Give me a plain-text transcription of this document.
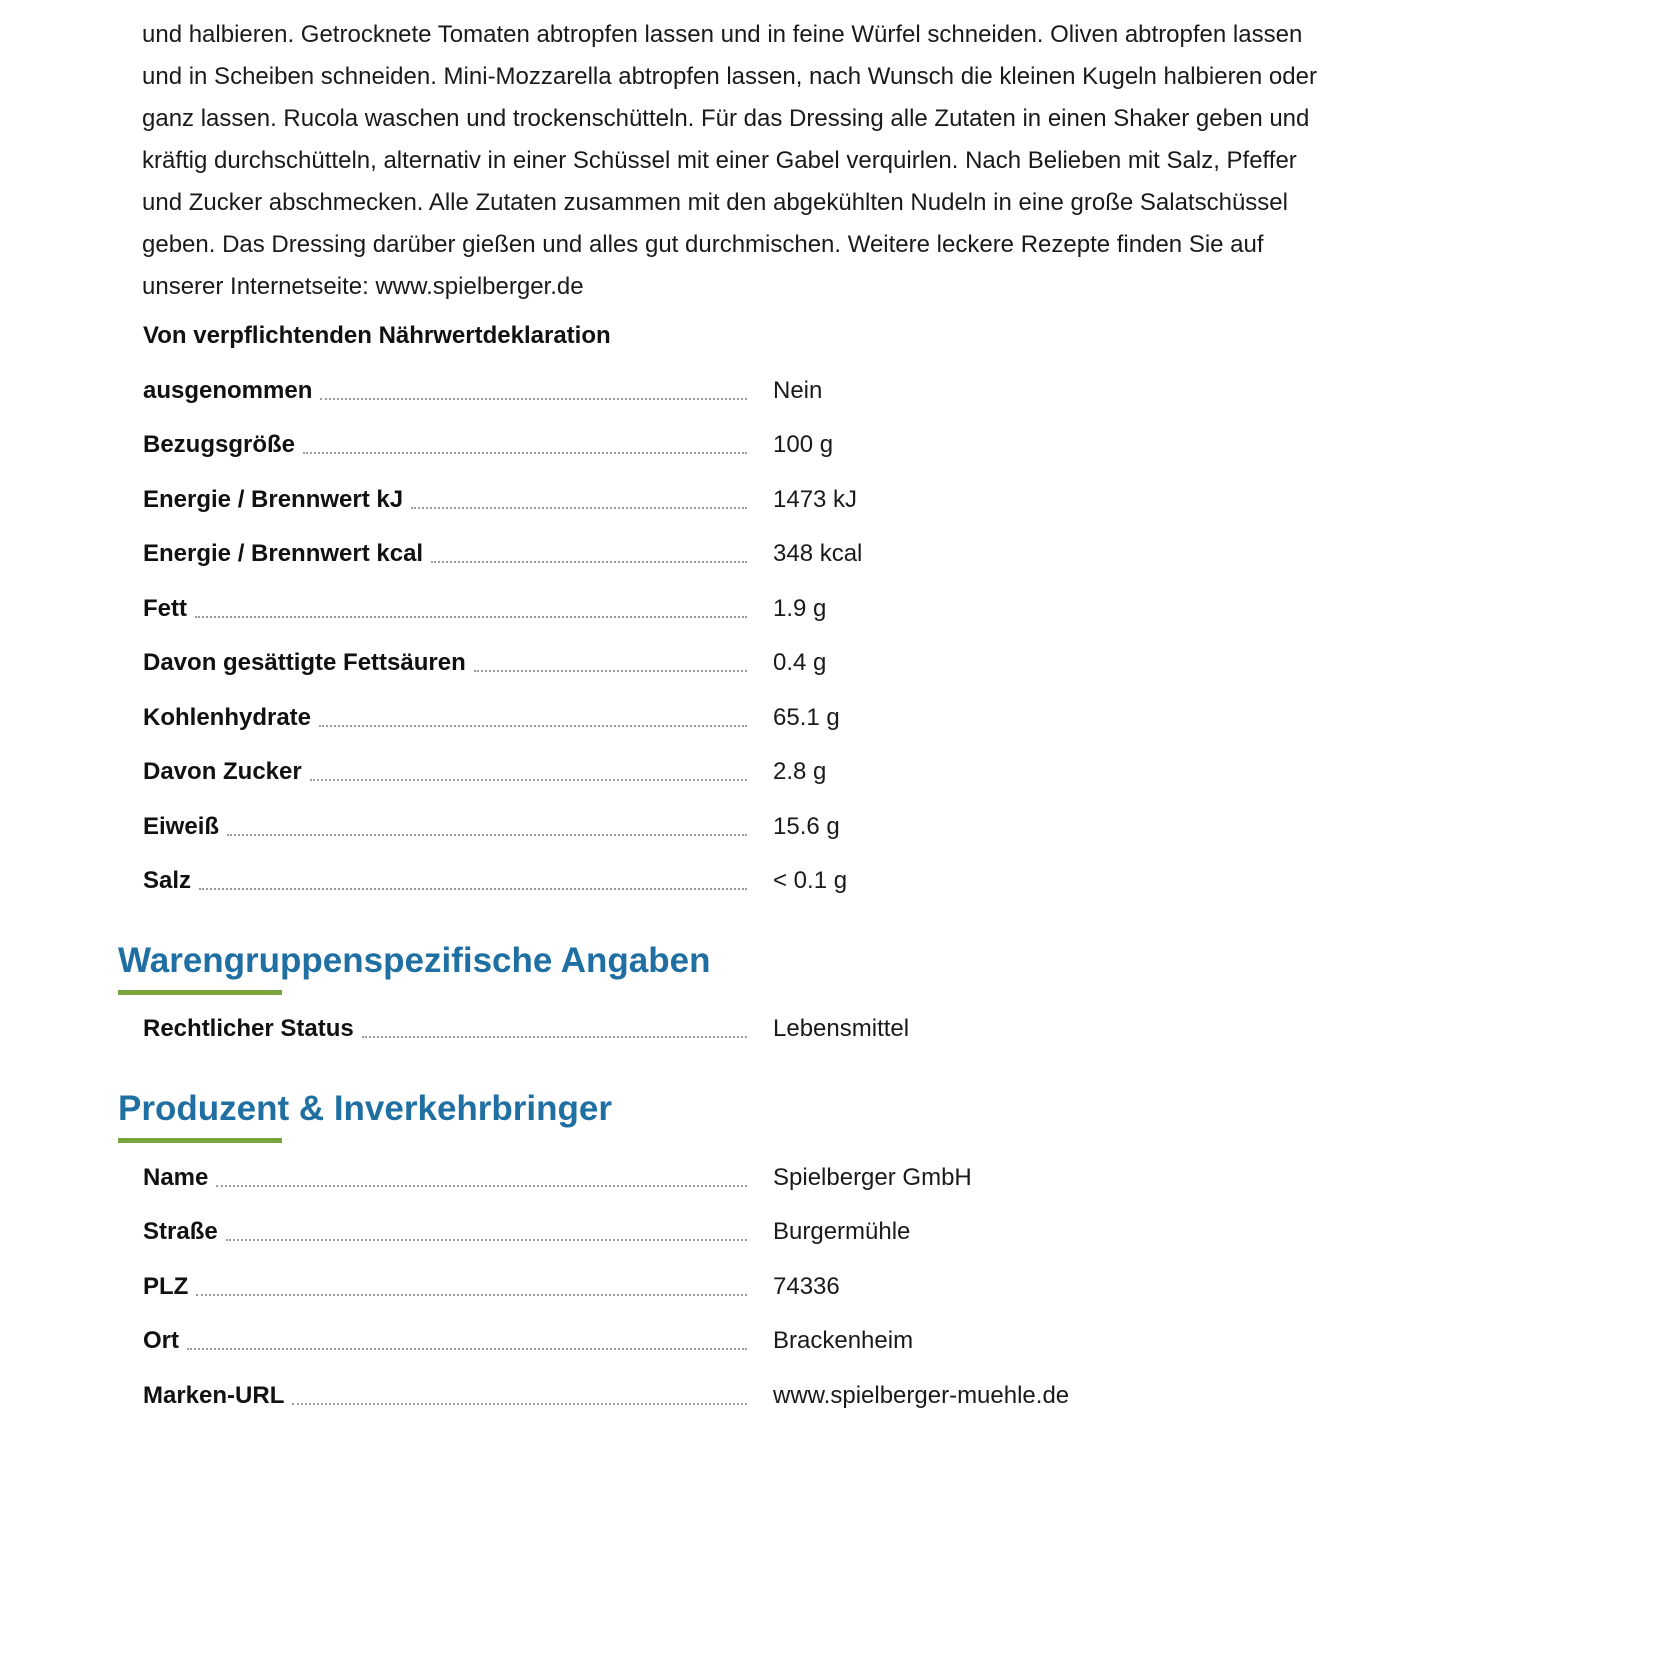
und halbieren. Getrocknete Tomaten abtropfen lassen und in feine Würfel schneiden. Oliven abtropfen lassen
und in Scheiben schneiden. Mini-Mozzarella abtropfen lassen, nach Wunsch die kleinen Kugeln halbieren oder
ganz lassen. Rucola waschen und trockenschütteln. Für das Dressing alle Zutaten in einen Shaker geben und
kräftig durchschütteln, alternativ in einer Schüssel mit einer Gabel verquirlen. Nach Belieben mit Salz, Pfeffer
und Zucker abschmecken. Alle Zutaten zusammen mit den abgekühlten Nudeln in eine große Salatschüssel
geben. Das Dressing darüber gießen und alles gut durchmischen. Weitere leckere Rezepte finden Sie auf
unserer Internetseite: www.spielberger.de

Von verpflichtenden Nährwertdeklaration
ausgenommen	Nein
Bezugsgröße	100 g
Energie / Brennwert kJ	1473 kJ
Energie / Brennwert kcal	348 kcal
Fett	1.9 g
Davon gesättigte Fettsäuren	0.4 g
Kohlenhydrate	65.1 g
Davon Zucker	2.8 g
Eiweiß	15.6 g
Salz	< 0.1 g
Warengruppenspezifische Angaben
Rechtlicher Status	Lebensmittel
Produzent & Inverkehrbringer
Name	Spielberger GmbH
Straße	Burgermühle
PLZ	74336
Ort	Brackenheim
Marken-URL	www.spielberger-muehle.de
